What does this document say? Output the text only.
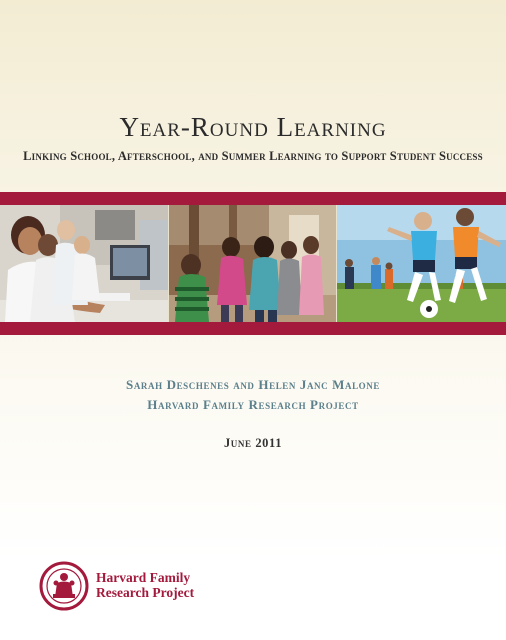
Year-Round Learning
Linking School, Afterschool, and Summer Learning to Support Student Success
Sarah Deschenes and Helen Janc Malone
Harvard Family Research Project
June 2011
Harvard Family
Research Project
